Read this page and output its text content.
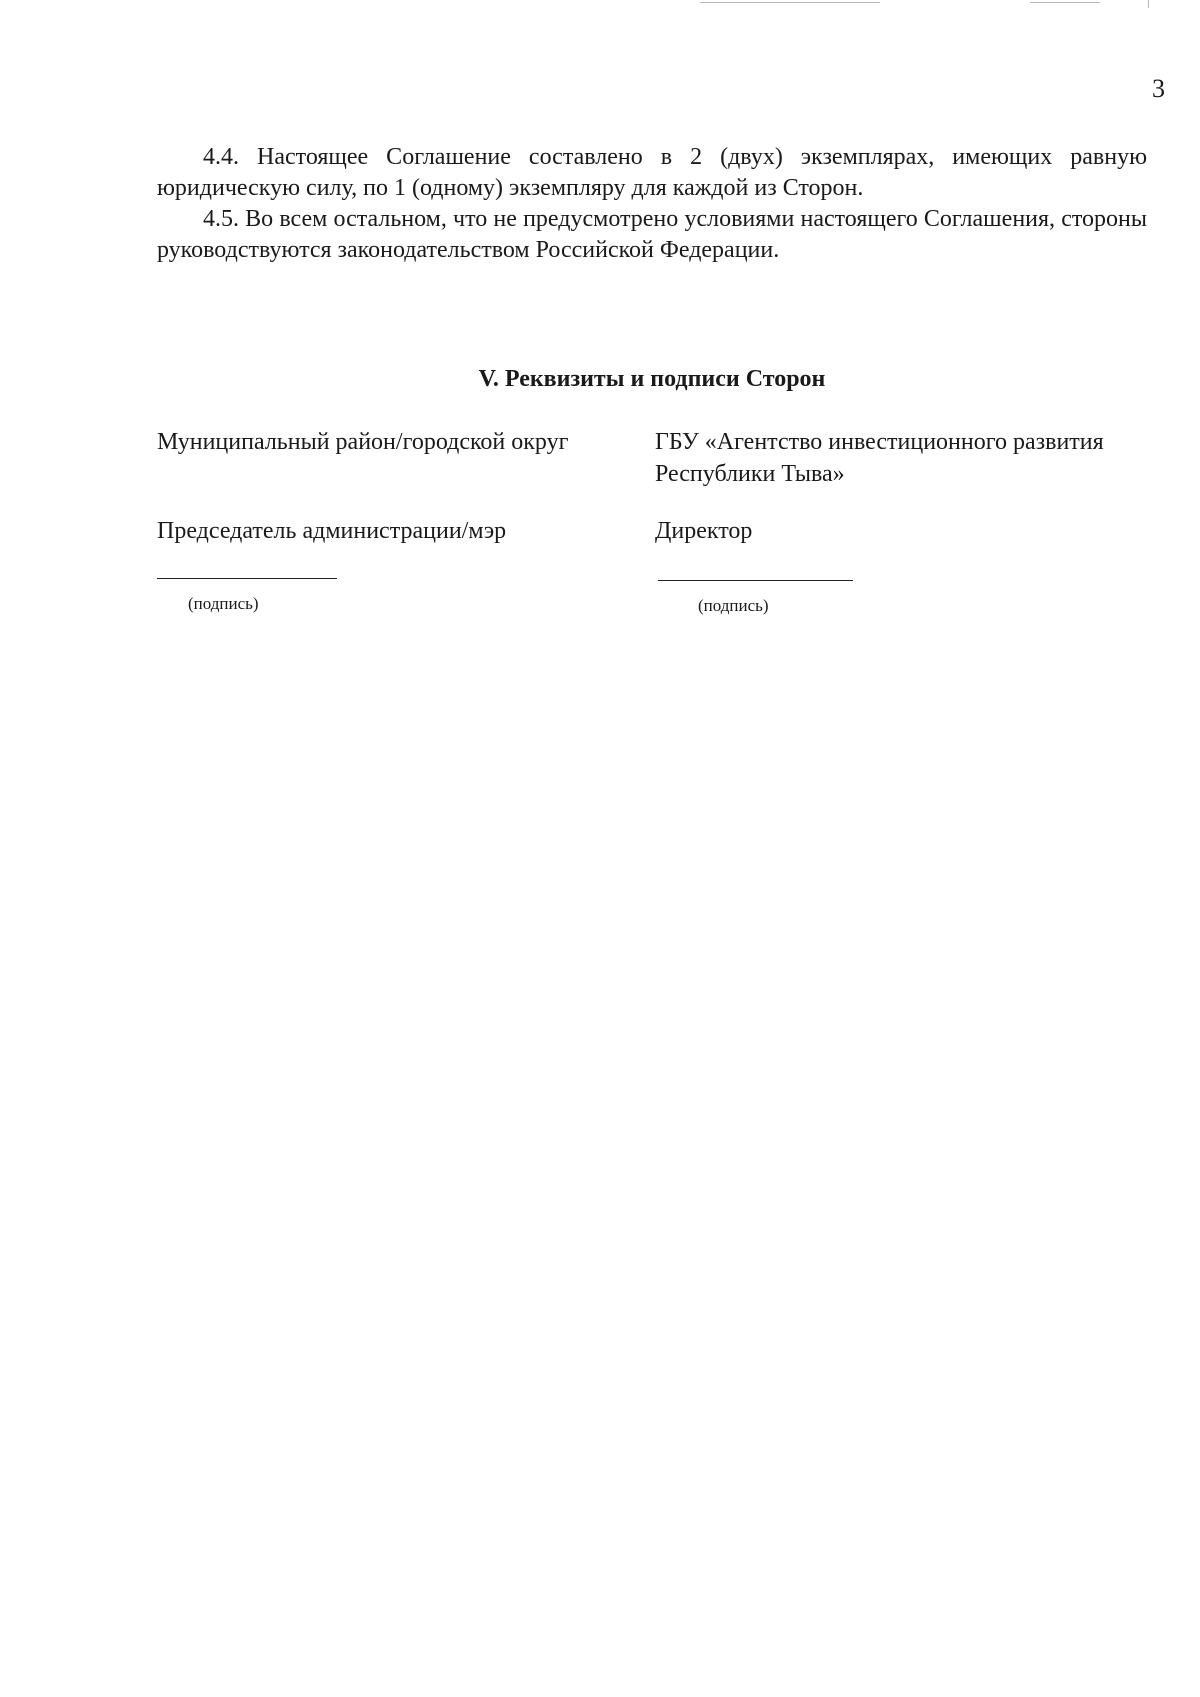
3

4.4. Настоящее Соглашение составлено в 2 (двух) экземплярах, имеющих равную юридическую силу, по 1 (одному) экземпляру для каждой из Сторон.

4.5. Во всем остальном, что не предусмотрено условиями настоящего Соглашения, стороны руководствуются законодательством Российской Федерации.

V. Реквизиты и подписи Сторон
Муниципальный район/городской округ	ГБУ «Агентство инвестиционного развития Республики Тыва»
Председатель администрации/мэр	Директор
(подпись)	(подпись)
